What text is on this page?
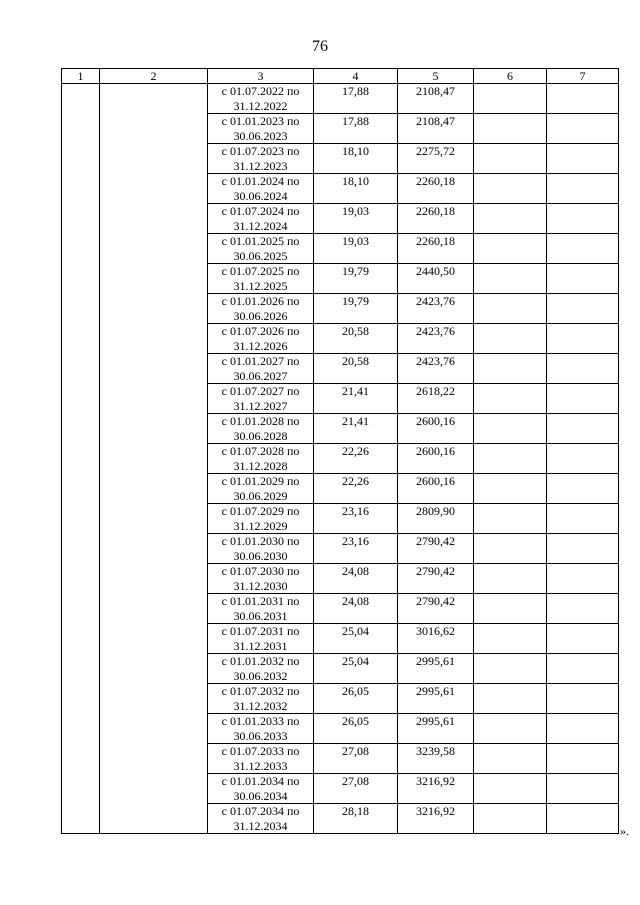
76
1	2	3	4	5	6	7

		с 01.07.2022 по
31.12.2022	17,88	2108,47		

		с 01.01.2023 по
30.06.2023	17,88	2108,47		

		с 01.07.2023 по
31.12.2023	18,10	2275,72		

		с 01.01.2024 по
30.06.2024	18,10	2260,18		

		с 01.07.2024 по
31.12.2024	19,03	2260,18		

		с 01.01.2025 по
30.06.2025	19,03	2260,18		

		с 01.07.2025 по
31.12.2025	19,79	2440,50		

		с 01.01.2026 по
30.06.2026	19,79	2423,76		

		с 01.07.2026 по
31.12.2026	20,58	2423,76		

		с 01.01.2027 по
30.06.2027	20,58	2423,76		

		с 01.07.2027 по
31.12.2027	21,41	2618,22		

		с 01.01.2028 по
30.06.2028	21,41	2600,16		

		с 01.07.2028 по
31.12.2028	22,26	2600,16		

		с 01.01.2029 по
30.06.2029	22,26	2600,16		

		с 01.07.2029 по
31.12.2029	23,16	2809,90		

		с 01.01.2030 по
30.06.2030	23,16	2790,42		

		с 01.07.2030 по
31.12.2030	24,08	2790,42		

		с 01.01.2031 по
30.06.2031	24,08	2790,42		

		с 01.07.2031 по
31.12.2031	25,04	3016,62		

		с 01.01.2032 по
30.06.2032	25,04	2995,61		

		с 01.07.2032 по
31.12.2032	26,05	2995,61		

		с 01.01.2033 по
30.06.2033	26,05	2995,61		

		с 01.07.2033 по
31.12.2033	27,08	3239,58		

		с 01.01.2034 по
30.06.2034	27,08	3216,92		

		с 01.07.2034 по
31.12.2034	28,18	3216,92		
».
